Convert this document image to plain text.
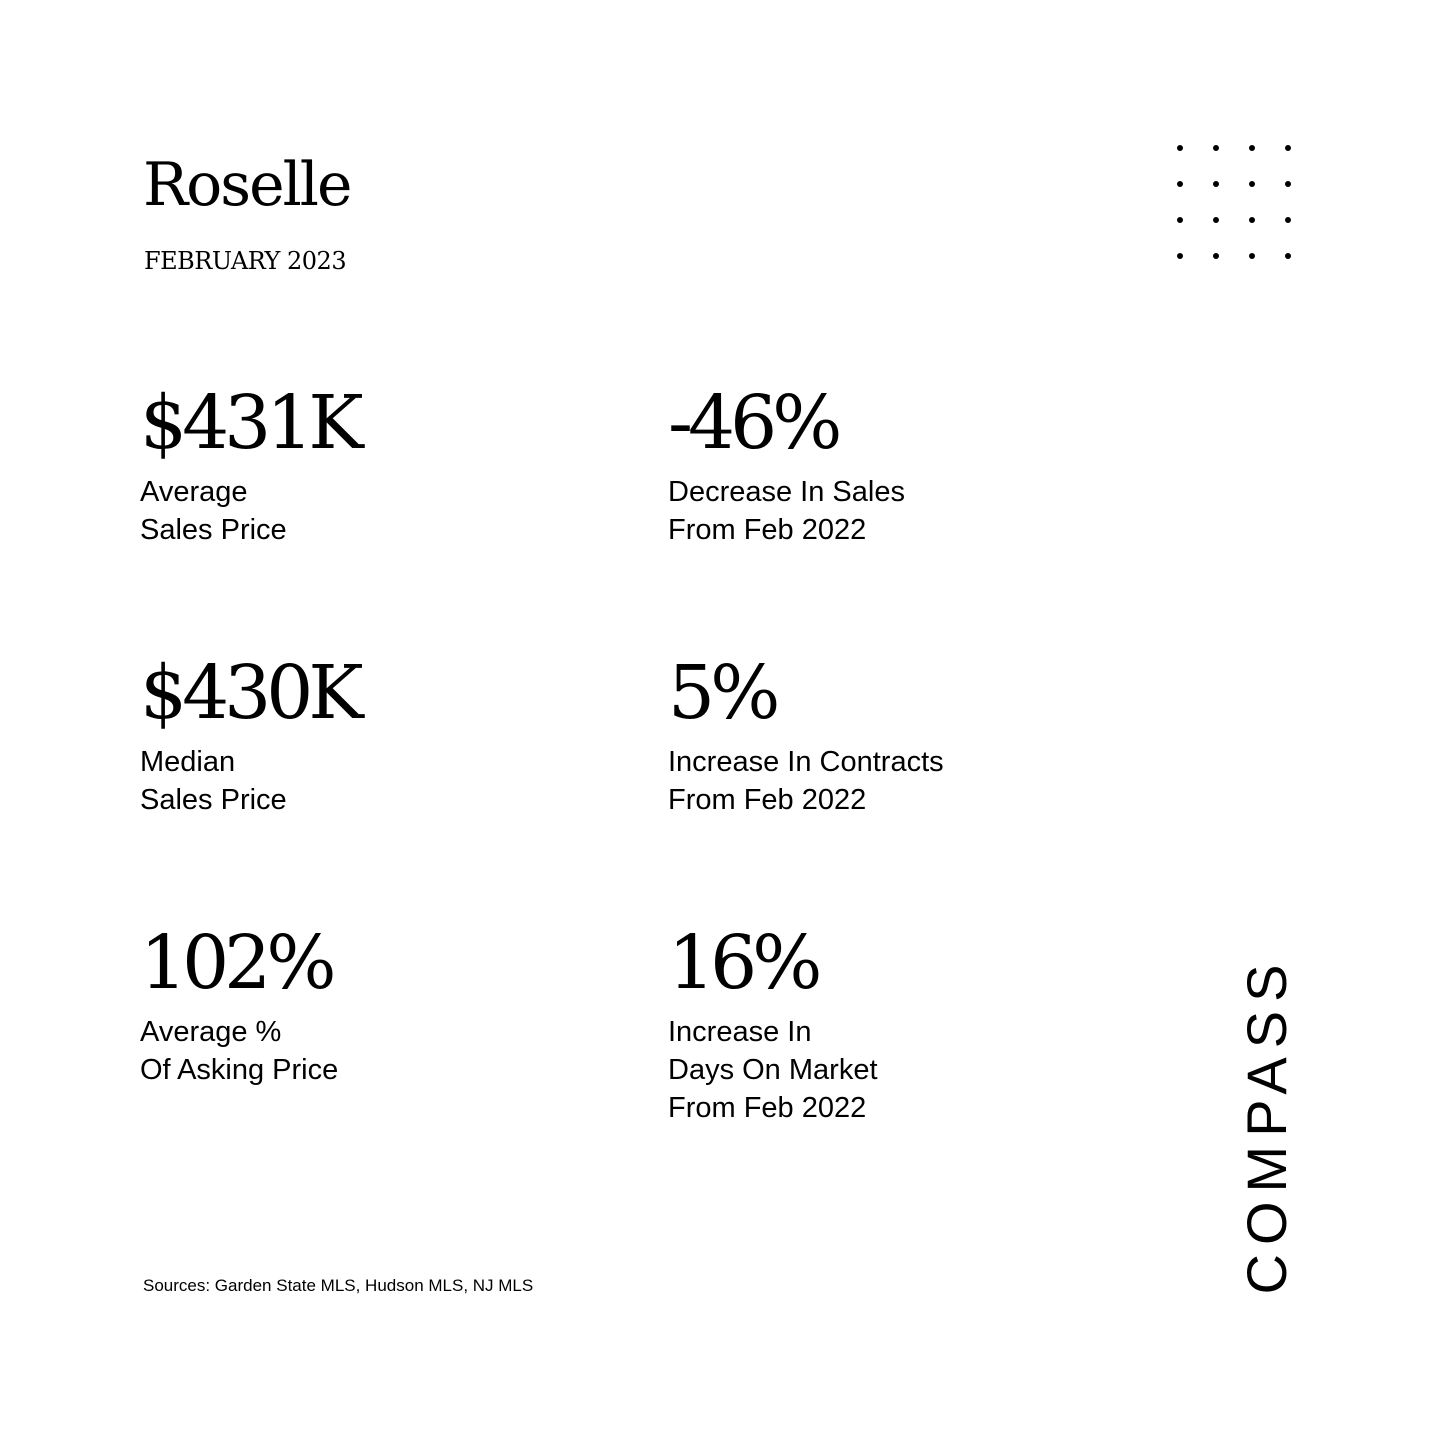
Roselle
FEBRUARY 2023
$431K
Average
Sales Price
-46%
Decrease In Sales
From Feb 2022
$430K
Median
Sales Price
5%
Increase In Contracts
From Feb 2022
102%
Average %
Of Asking Price
16%
Increase In
Days On Market
From Feb 2022
Sources: Garden State MLS, Hudson MLS, NJ MLS	COMPASS
